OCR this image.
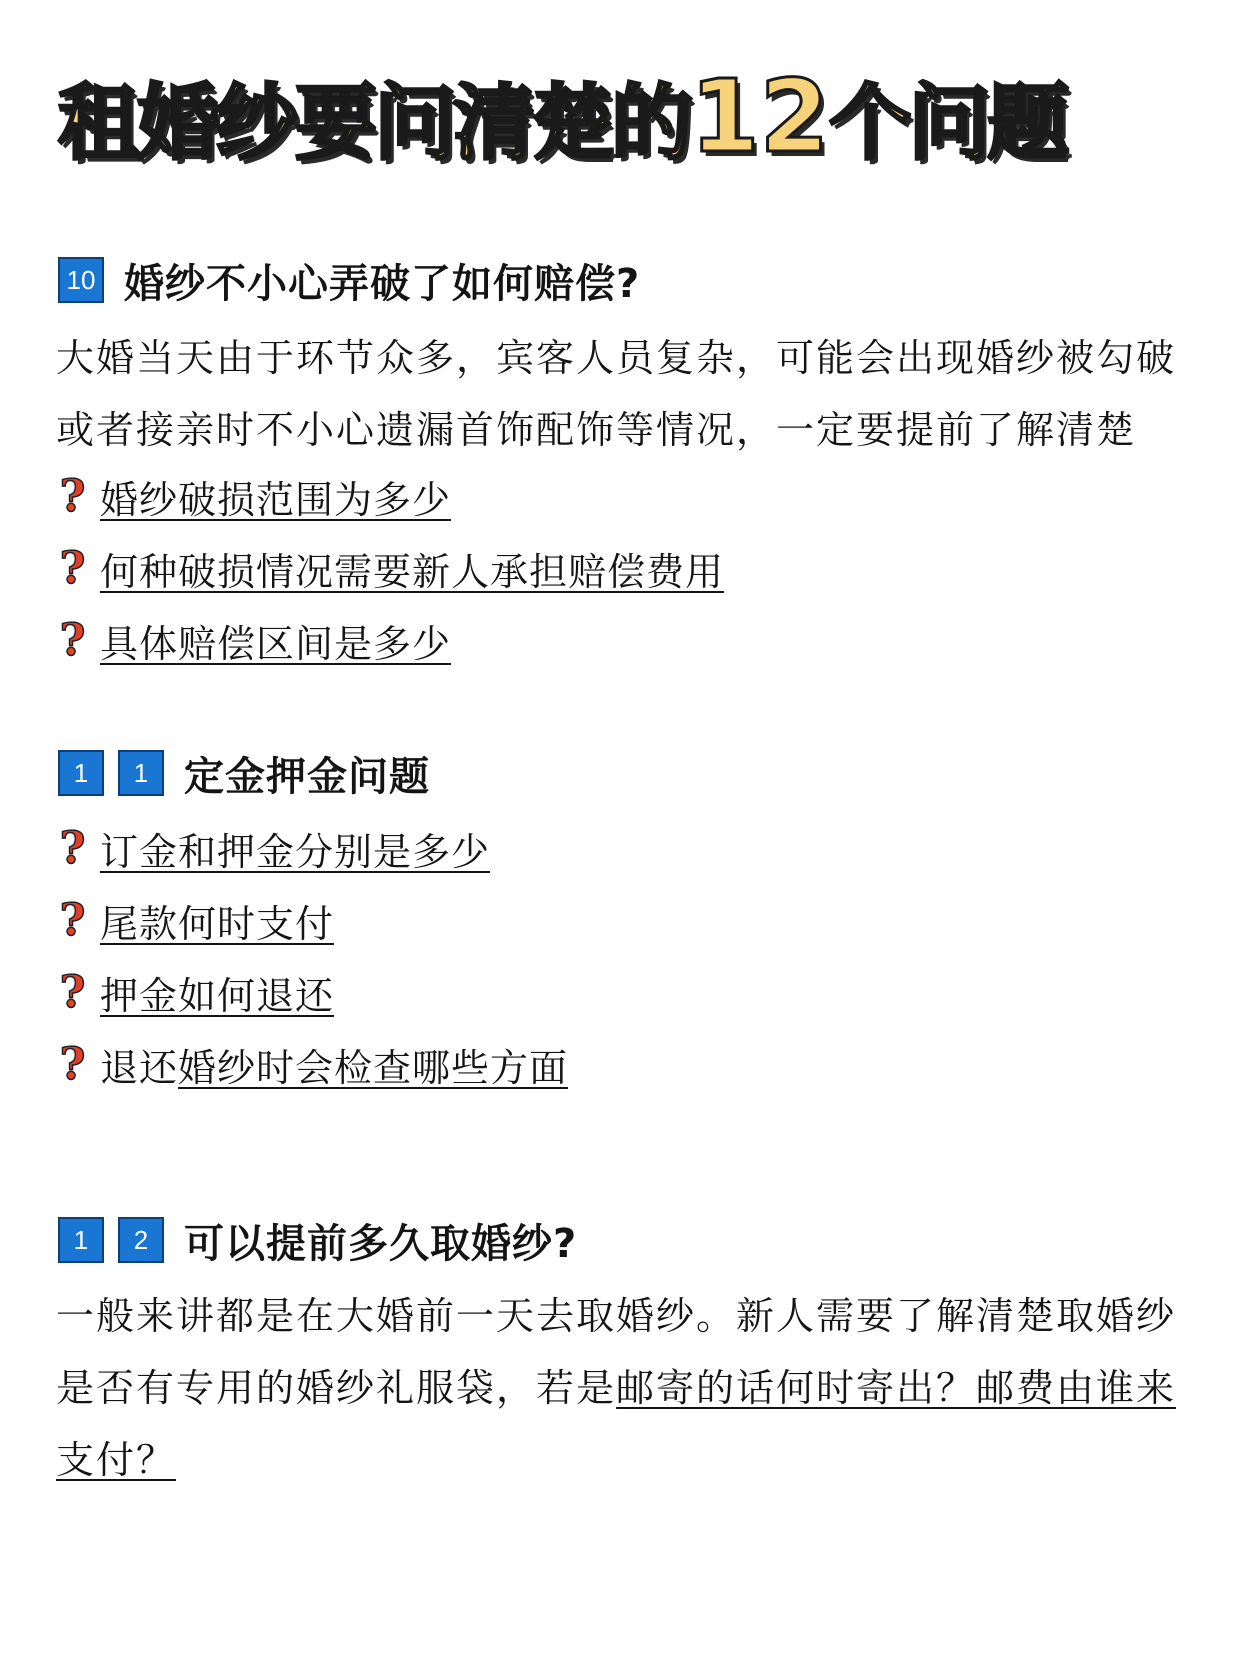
租婚纱要问清楚的12个问题
10 婚纱不小心弄破了如何赔偿?

大婚当天由于环节众多，宾客人员复杂，可能会出现婚纱被勾破或者接亲时不小心遗漏首饰配饰等情况，一定要提前了解清楚

? 婚纱破损范围为多少
? 何种破损情况需要新人承担赔偿费用
? 具体赔偿区间是多少
1	1 定金押金问题
? 订金和押金分别是多少
? 尾款何时支付
? 押金如何退还
? 退还 婚纱时会检查哪些方面
1	2 可以提前多久取婚纱?

一般来讲都是在大婚前一天去取婚纱。新人需要了解清楚取婚纱是否有专用的婚纱礼服袋，若是邮寄的话何时寄出？邮费由谁来支付？
